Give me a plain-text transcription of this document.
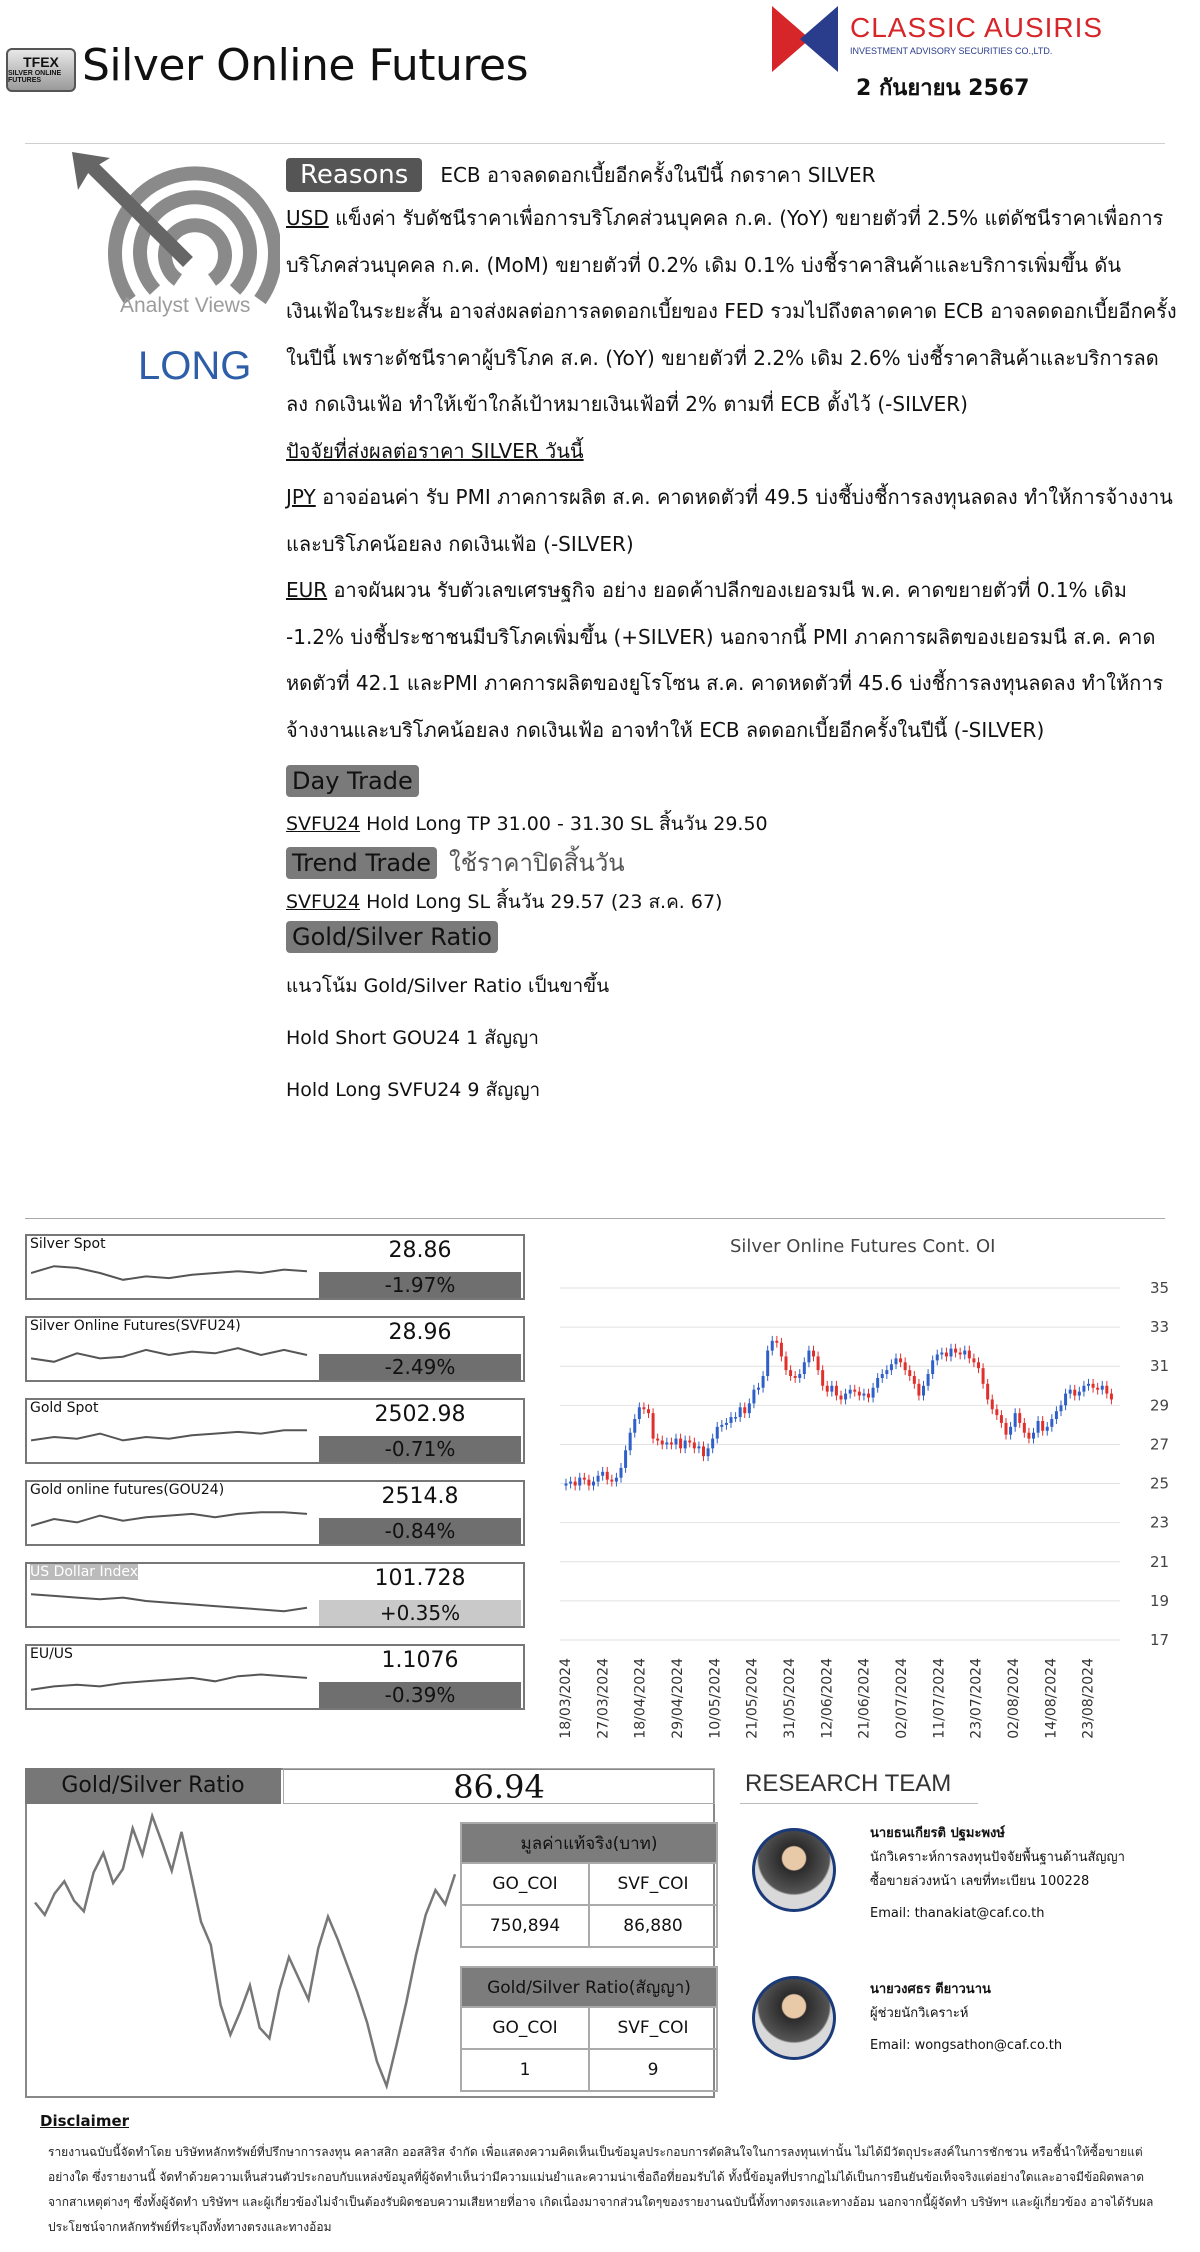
TFEX
SILVER ONLINE FUTURES Silver Online Futures
CLASSIC AUSIRIS
INVESTMENT ADVISORY SECURITIES CO.,LTD.
2 กันยายน 2567
Analyst Views
LONG
Reasons	ECB อาจลดดอกเบี้ยอีกครั้งในปีนี้ กดราคา SILVER

USD แข็งค่า รับดัชนีราคาเพื่อการบริโภคส่วนบุคคล ก.ค. (YoY) ขยายตัวที่ 2.5% แต่ดัชนีราคาเพื่อการบริโภคส่วนบุคคล ก.ค. (MoM) ขยายตัวที่ 0.2% เดิม 0.1% บ่งชี้ราคาสินค้าและบริการเพิ่มขึ้น ดันเงินเฟ้อในระยะสั้น อาจส่งผลต่อการลดดอกเบี้ยของ FED รวมไปถึงตลาดคาด ECB อาจลดดอกเบี้ยอีกครั้งในปีนี้ เพราะดัชนีราคาผู้บริโภค ส.ค. (YoY) ขยายตัวที่ 2.2% เดิม 2.6% บ่งชี้ราคาสินค้าและบริการลดลง กดเงินเฟ้อ ทำให้เข้าใกล้เป้าหมายเงินเฟ้อที่ 2% ตามที่ ECB ตั้งไว้ (-SILVER)

ปัจจัยที่ส่งผลต่อราคา SILVER วันนี้

JPY อาจอ่อนค่า รับ PMI ภาคการผลิต ส.ค. คาดหดตัวที่ 49.5 บ่งชี้บ่งชี้การลงทุนลดลง ทำให้การจ้างงานและบริโภคน้อยลง กดเงินเฟ้อ (-SILVER)

EUR อาจผันผวน รับตัวเลขเศรษฐกิจ อย่าง ยอดค้าปลีกของเยอรมนี พ.ค. คาดขยายตัวที่ 0.1% เดิม -1.2% บ่งชี้ประชาชนมีบริโภคเพิ่มขึ้น (+SILVER) นอกจากนี้ PMI ภาคการผลิตของเยอรมนี ส.ค. คาดหดตัวที่ 42.1 และPMI ภาคการผลิตของยูโรโซน ส.ค. คาดหดตัวที่ 45.6 บ่งชี้การลงทุนลดลง ทำให้การจ้างงานและบริโภคน้อยลง กดเงินเฟ้อ อาจทำให้ ECB ลดดอกเบี้ยอีกครั้งในปีนี้ (-SILVER)

Day Trade
SVFU24 Hold Long TP 31.00 - 31.30 SL สิ้นวัน 29.50
Trend Trade ใช้ราคาปิดสิ้นวัน
SVFU24 Hold Long SL สิ้นวัน 29.57 (23 ส.ค. 67)
Gold/Silver Ratio
แนวโน้ม Gold/Silver Ratio เป็นขาขึ้น
Hold Short GOU24 1 สัญญา
Hold Long SVFU24 9 สัญญา
Silver Spot	28.86
-1.97%
Silver Online Futures(SVFU24)	28.96
-2.49%
Gold Spot	2502.98
-0.71%
Gold online futures(GOU24)	2514.8
-0.84%
US Dollar Index	101.728
+0.35%
EU/US	1.1076
-0.39%
Silver Online Futures Cont. OI
17
19
21
23
25
27
29
31
33
35
18/03/2024 27/03/2024 18/04/2024 29/04/2024 10/05/2024 21/05/2024 31/05/2024 12/06/2024 21/06/2024 02/07/2024 11/07/2024 23/07/2024 02/08/2024 14/08/2024 23/08/2024
Gold/Silver Ratio	86.94
มูลค่าแท้จริง(บาท)	
GO_COI	SVF_COI
750,894	86,880
Gold/Silver Ratio(สัญญา)	
GO_COI	SVF_COI
1	9
RESEARCH TEAM
นายธนเกียรติ ปฐมะพงษ์
นักวิเคราะห์การลงทุนปัจจัยพื้นฐานด้านสัญญา
ซื้อขายล่วงหน้า เลขที่ทะเบียน 100228
Email: thanakiat@caf.co.th
นายวงศธร ตียาวนาน
ผู้ช่วยนักวิเคราะห์
Email: wongsathon@caf.co.th
Disclaimer
รายงานฉบับนี้จัดทำโดย บริษัทหลักทรัพย์ที่ปรึกษาการลงทุน คลาสสิก ออสสิริส จำกัด เพื่อแสดงความคิดเห็นเป็นข้อมูลประกอบการตัดสินใจในการลงทุนเท่านั้น ไม่ได้มีวัตถุประสงค์ในการชักชวน หรือชี้นำให้ซื้อขายแต่อย่างใด ซึ่งรายงานนี้ จัดทำด้วยความเห็นส่วนตัวประกอบกับแหล่งข้อมูลที่ผู้จัดทำเห็นว่ามีความแม่นยำและความน่าเชื่อถือที่ยอมรับได้ ทั้งนี้ข้อมูลที่ปรากฏไม่ได้เป็นการยืนยันข้อเท็จจริงแต่อย่างใดและอาจมีข้อผิดพลาดจากสาเหตุต่างๆ ซึ่งทั้งผู้จัดทำ บริษัทฯ และผู้เกี่ยวข้องไม่จำเป็นต้องรับผิดชอบความเสียหายที่อาจ เกิดเนื่องมาจากส่วนใดๆของรายงานฉบับนี้ทั้งทางตรงและทางอ้อม นอกจากนี้ผู้จัดทำ บริษัทฯ และผู้เกี่ยวข้อง อาจได้รับผลประโยชน์จากหลักทรัพย์ที่ระบุถึงทั้งทางตรงและทางอ้อม
